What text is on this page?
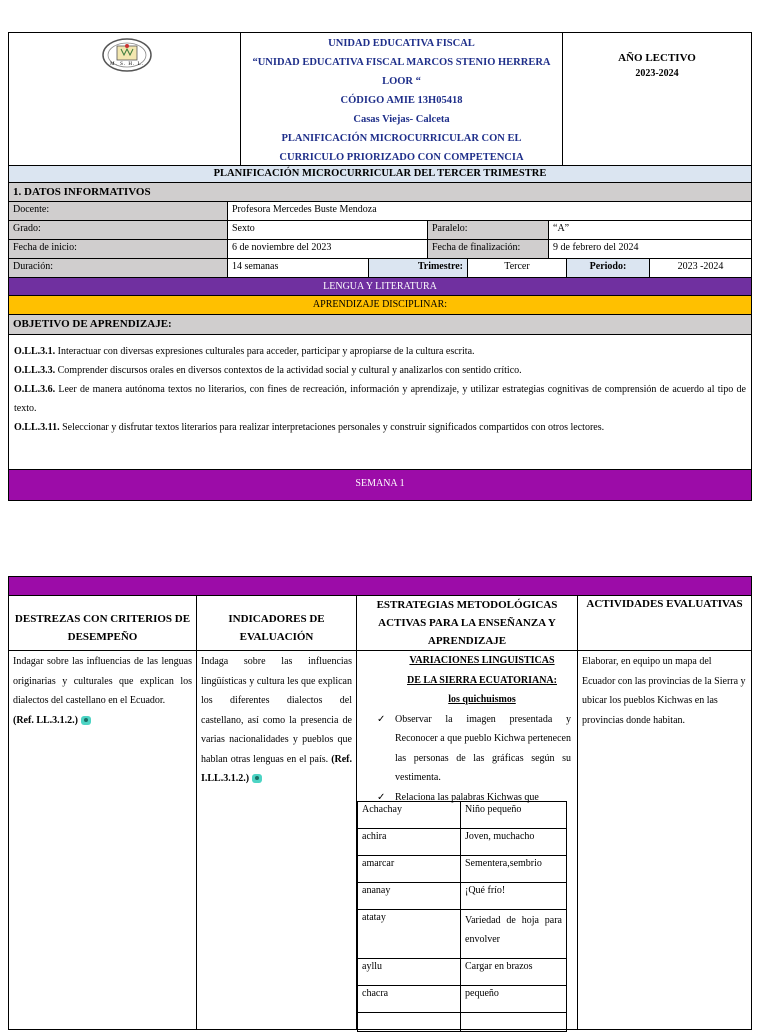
M. S. H. L.
UNIDAD EDUCATIVA FISCAL
“UNIDAD EDUCATIVA FISCAL MARCOS STENIO HERRERA
LOOR “
CÓDIGO AMIE 13H05418
Casas Viejas- Calceta
PLANIFICACIÓN MICROCURRICULAR CON EL
CURRICULO PRIORIZADO CON COMPETENCIA
AÑO LECTIVO
2023-2024
PLANIFICACIÓN MICROCURRICULAR DEL TERCER TRIMESTRE
1. DATOS INFORMATIVOS
Docente:	Profesora Mercedes Buste Mendoza
Grado:	Sexto	Paralelo:	“A”
Fecha de inicio:	6 de noviembre del 2023	Fecha de finalización:	9 de febrero del 2024
Duración:	14 semanas	Trimestre:	Tercer	Periodo:	2023 -2024
LENGUA Y LITERATURA
APRENDIZAJE DISCIPLINAR:
OBJETIVO DE APRENDIZAJE:

O.LL.3.1. Interactuar con diversas expresiones culturales para acceder, participar y apropiarse de la cultura escrita.

O.LL.3.3. Comprender discursos orales en diversos contextos de la actividad social y cultural y analizarlos con sentido crítico.

O.LL.3.6. Leer de manera autónoma textos no literarios, con fines de recreación, información y aprendizaje, y utilizar estrategias cognitivas de comprensión de acuerdo al tipo de texto.

O.LL.3.11. Seleccionar y disfrutar textos literarios para realizar interpretaciones personales y construir significados compartidos con otros lectores.

SEMANA 1
DESTREZAS CON CRITERIOS DE DESEMPEÑO
INDICADORES DE EVALUACIÓN
ESTRATEGIAS METODOLÓGICAS ACTIVAS PARA LA ENSEÑANZA Y APRENDIZAJE
ACTIVIDADES EVALUATIVAS
Indagar sobre las influencias de las lenguas originarias y culturales que explican los dialectos del castellano en el Ecuador.
(Ref. LL.3.1.2.)
Indaga sobre las influencias lingüísticas y cultura les que explican los diferentes dialectos del castellano, así como la presencia de varias nacionalidades y pueblos que hablan otras lenguas en el país. (Ref. I.LL.3.1.2.)
VARIACIONES LINGUISTICAS
DE LA SIERRA ECUATORIANA:
los quichuismos
✓ Observar la imagen presentada y Reconocer a que pueblo Kichwa pertenecen las personas de las gráficas según su vestimenta.
✓ Relaciona las palabras Kichwas que
Achachay	Niño pequeño
achira	Joven, muchacho
amarcar	Sementera,sembrio
ananay	¡Qué frío!
atatay	Variedad de hoja para envolver
ayllu	Cargar en brazos
chacra	pequeño
Elaborar, en equipo un mapa del Ecuador con las provincias de la Sierra y ubicar los pueblos Kichwas en las provincias donde habitan.
